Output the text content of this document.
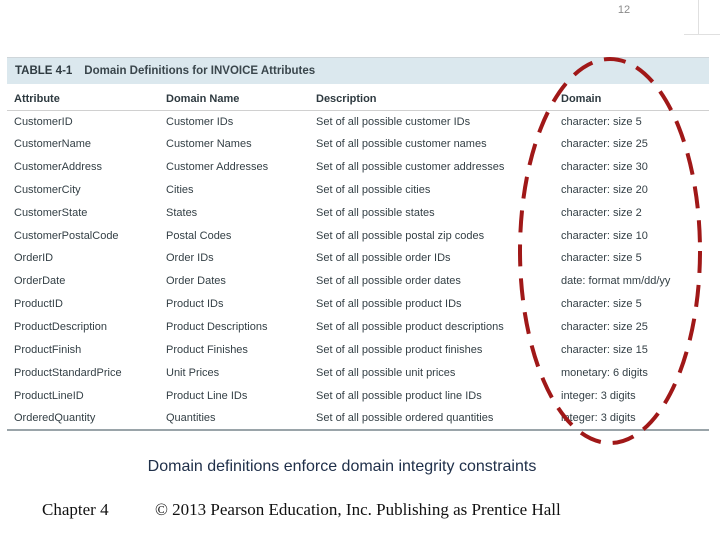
12
TABLE 4-1 Domain Definitions for INVOICE Attributes
Attribute	Domain Name	Description	Domain
CustomerID	Customer IDs	Set of all possible customer IDs	character: size 5
CustomerName	Customer Names	Set of all possible customer names	character: size 25
CustomerAddress	Customer Addresses	Set of all possible customer addresses	character: size 30
CustomerCity	Cities	Set of all possible cities	character: size 20
CustomerState	States	Set of all possible states	character: size 2
CustomerPostalCode	Postal Codes	Set of all possible postal zip codes	character: size 10
OrderID	Order IDs	Set of all possible order IDs	character: size 5
OrderDate	Order Dates	Set of all possible order dates	date: format mm/dd/yy
ProductID	Product IDs	Set of all possible product IDs	character: size 5
ProductDescription	Product Descriptions	Set of all possible product descriptions	character: size 25
ProductFinish	Product Finishes	Set of all possible product finishes	character: size 15
ProductStandardPrice	Unit Prices	Set of all possible unit prices	monetary: 6 digits
ProductLineID	Product Line IDs	Set of all possible product line IDs	integer: 3 digits
OrderedQuantity	Quantities	Set of all possible ordered quantities	integer: 3 digits
Domain definitions enforce domain integrity constraints
Chapter 4	© 2013 Pearson Education, Inc. Publishing as Prentice Hall
